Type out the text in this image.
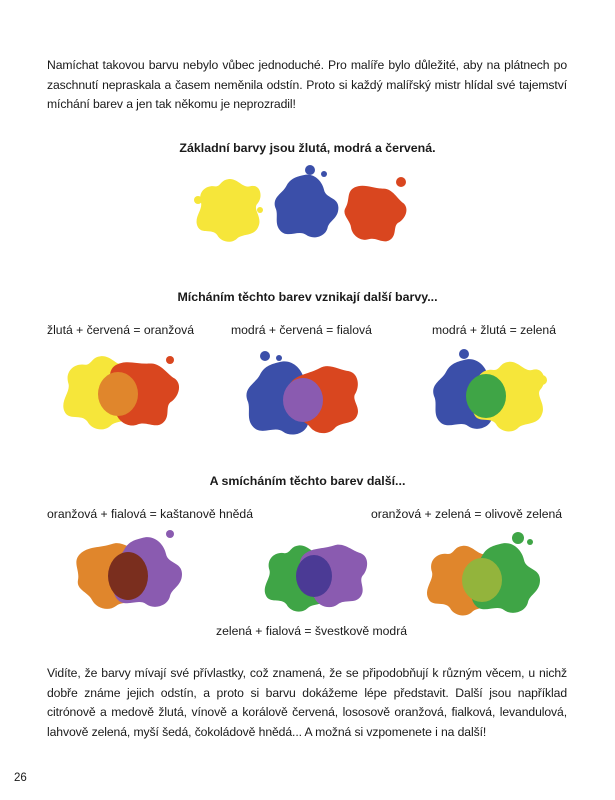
Namíchat takovou barvu nebylo vůbec jednoduché. Pro malíře bylo důležité, aby na plátnech po zaschnutí nepraskala a časem neměnila odstín. Proto si každý malířský mistr hlídal své tajemství míchání barev a jen tak někomu je neprozradil!

Základní barvy jsou žlutá, modrá a červená.

Mícháním těchto barev vznikají další barvy...

žlutá + červená = oranžová	modrá + červená = fialová	modrá + žlutá = zelená

A smícháním těchto barev další...

oranžová + fialová = kaštanově hnědá	oranžová + zelená = olivově zelená
zelená + fialová = švestkově modrá

Vidíte, že barvy mívají své přívlastky, což znamená, že se připodobňují k různým věcem, u nichž dobře známe jejich odstín, a proto si barvu dokážeme lépe představit. Další jsou například citrónově a medově žlutá, vínově a korálově červená, lososově oranžová, fialková, levandulová, lahvově zelená, myší šedá, čokoládově hnědá... A možná si vzpomenete i na další!

26
